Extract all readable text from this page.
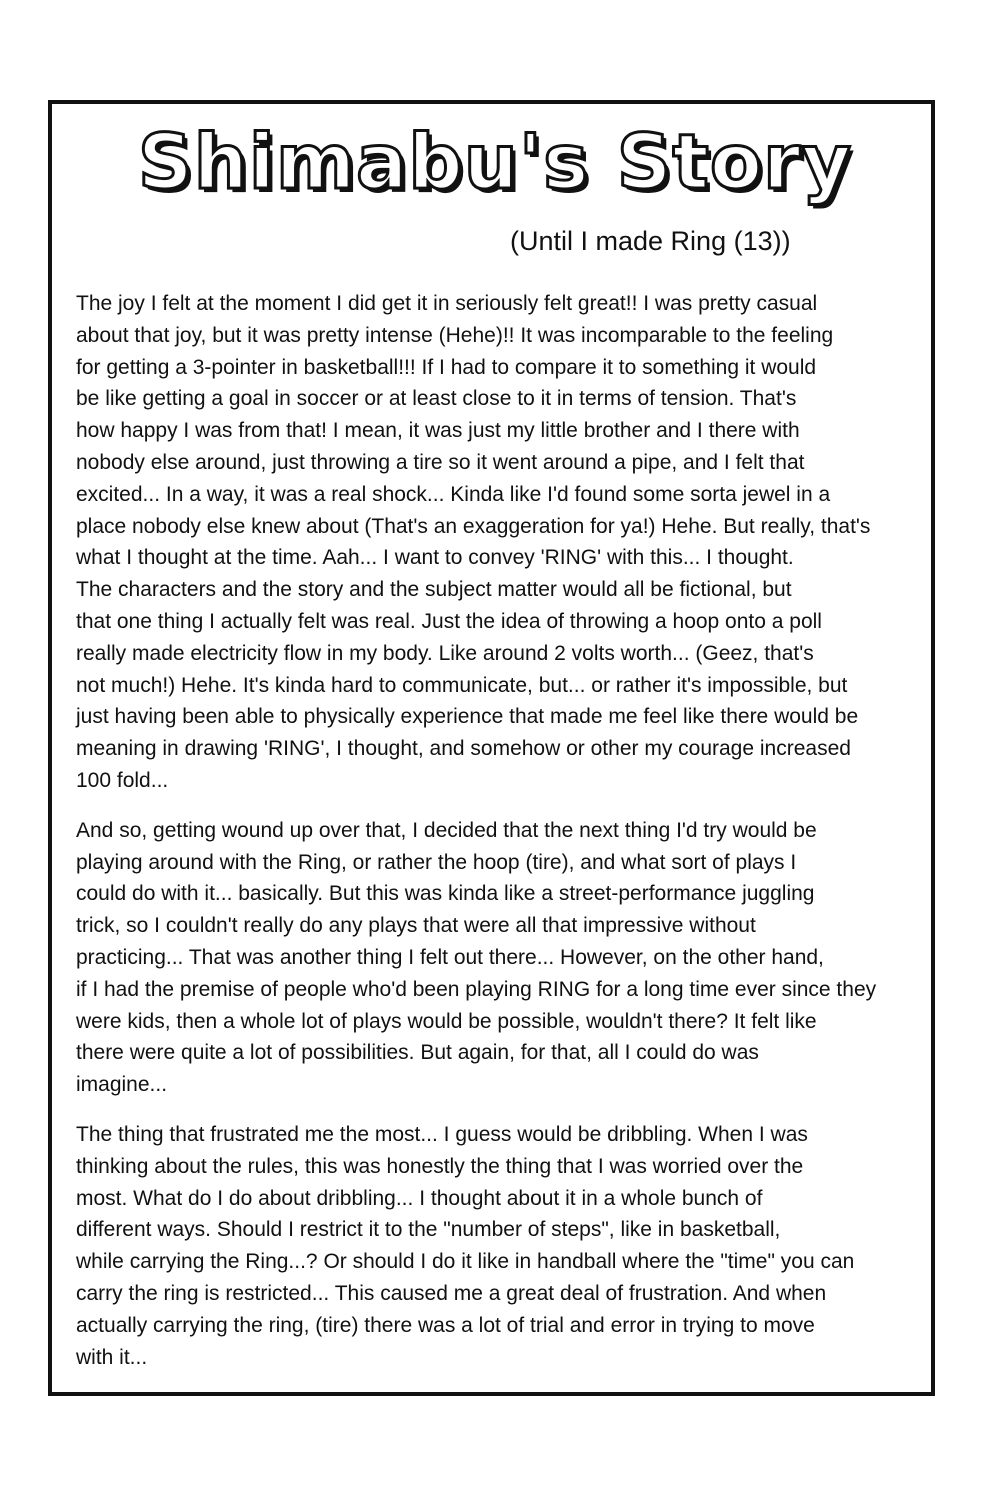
Shimabu's Story
(Until I made Ring (13))
The joy I felt at the moment I did get it in seriously felt great!! I was pretty casual
about that joy, but it was pretty intense (Hehe)!! It was incomparable to the feeling
for getting a 3-pointer in basketball!!! If I had to compare it to something it would
be like getting a goal in soccer or at least close to it in terms of tension. That's
how happy I was from that! I mean, it was just my little brother and I there with
nobody else around, just throwing a tire so it went around a pipe, and I felt that
excited... In a way, it was a real shock... Kinda like I'd found some sorta jewel in a
place nobody else knew about (That's an exaggeration for ya!) Hehe. But really, that's
what I thought at the time. Aah... I want to convey 'RING' with this... I thought.
The characters and the story and the subject matter would all be fictional, but
that one thing I actually felt was real. Just the idea of throwing a hoop onto a poll
really made electricity flow in my body. Like around 2 volts worth... (Geez, that's
not much!) Hehe. It's kinda hard to communicate, but... or rather it's impossible, but
just having been able to physically experience that made me feel like there would be
meaning in drawing 'RING', I thought, and somehow or other my courage increased
100 fold...
And so, getting wound up over that, I decided that the next thing I'd try would be
playing around with the Ring, or rather the hoop (tire), and what sort of plays I
could do with it... basically. But this was kinda like a street-performance juggling
trick, so I couldn't really do any plays that were all that impressive without
practicing... That was another thing I felt out there... However, on the other hand,
if I had the premise of people who'd been playing RING for a long time ever since they
were kids, then a whole lot of plays would be possible, wouldn't there? It felt like
there were quite a lot of possibilities. But again, for that, all I could do was
imagine...
The thing that frustrated me the most... I guess would be dribbling. When I was
thinking about the rules, this was honestly the thing that I was worried over the
most. What do I do about dribbling... I thought about it in a whole bunch of
different ways. Should I restrict it to the "number of steps", like in basketball,
while carrying the Ring...? Or should I do it like in handball where the "time" you can
carry the ring is restricted... This caused me a great deal of frustration. And when
actually carrying the ring, (tire) there was a lot of trial and error in trying to move
with it...
